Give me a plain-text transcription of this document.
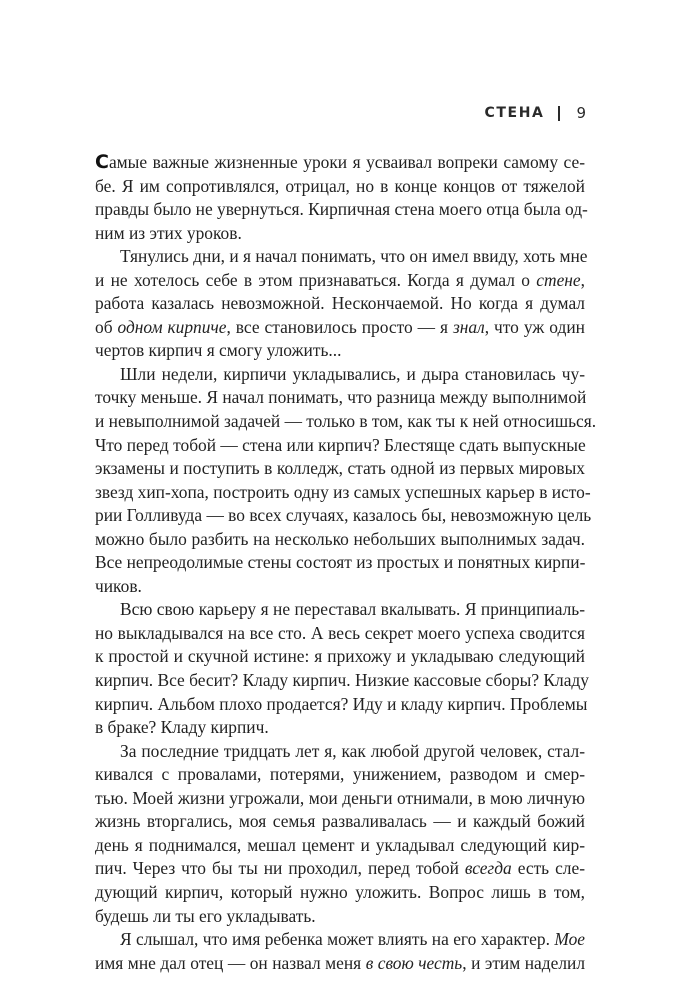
СТЕНА 9
Самые важные жизненные уроки я усваивал вопреки самому се-
бе. Я им сопротивлялся, отрицал, но в конце концов от тяжелой
правды было не увернуться. Кирпичная стена моего отца была од-
ним из этих уроков.
Тянулись дни, и я начал понимать, что он имел ввиду, хоть мне
и не хотелось себе в этом признаваться. Когда я думал о стене,
работа казалась невозможной. Нескончаемой. Но когда я думал
об одном кирпиче, все становилось просто — я знал, что уж один
чертов кирпич я смогу уложить...
Шли недели, кирпичи укладывались, и дыра становилась чу-
точку меньше. Я начал понимать, что разница между выполнимой
и невыполнимой задачей — только в том, как ты к ней относишься.
Что перед тобой — стена или кирпич? Блестяще сдать выпускные
экзамены и поступить в колледж, стать одной из первых мировых
звезд хип-хопа, построить одну из самых успешных карьер в исто-
рии Голливуда — во всех случаях, казалось бы, невозможную цель
можно было разбить на несколько небольших выполнимых задач.
Все непреодолимые стены состоят из простых и понятных кирпи-
чиков.
Всю свою карьеру я не переставал вкалывать. Я принципиаль-
но выкладывался на все сто. А весь секрет моего успеха сводится
к простой и скучной истине: я прихожу и укладываю следующий
кирпич. Все бесит? Кладу кирпич. Низкие кассовые сборы? Кладу
кирпич. Альбом плохо продается? Иду и кладу кирпич. Проблемы
в браке? Кладу кирпич.
За последние тридцать лет я, как любой другой человек, стал-
кивался с провалами, потерями, унижением, разводом и смер-
тью. Моей жизни угрожали, мои деньги отнимали, в мою личную
жизнь вторгались, моя семья разваливалась — и каждый божий
день я поднимался, мешал цемент и укладывал следующий кир-
пич. Через что бы ты ни проходил, перед тобой всегда есть сле-
дующий кирпич, который нужно уложить. Вопрос лишь в том,
будешь ли ты его укладывать.
Я слышал, что имя ребенка может влиять на его характер. Мое
имя мне дал отец — он назвал меня в свою честь, и этим наделил
